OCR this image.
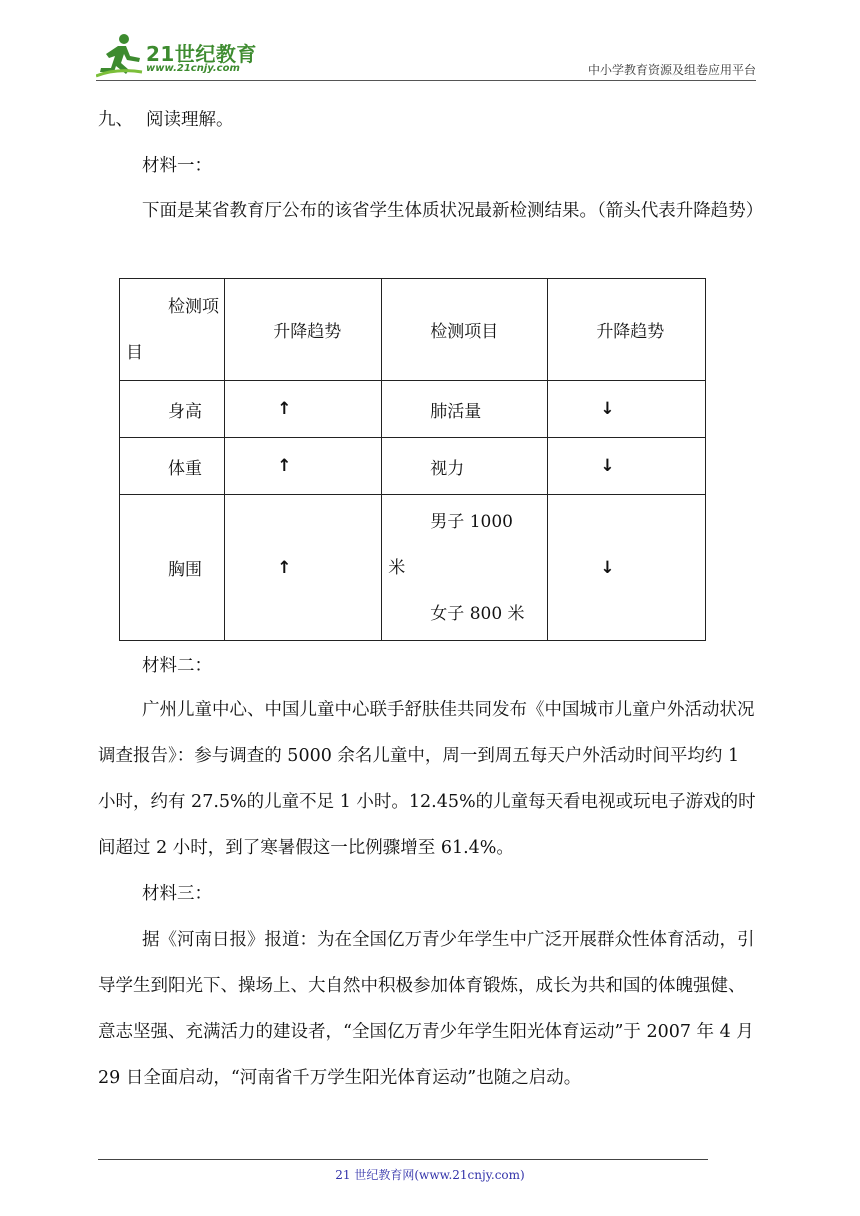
21世纪教育
www.21cnjy.com	中小学教育资源及组卷应用平台

九、 阅读理解。

材料一：

下面是某省教育厅公布的该省学生体质状况最新检测结果。（箭头代表升降趋势）

检测项
目	升降趋势	检测项目	升降趋势
身高	↑	肺活量	↓
体重	↑	视力	↓
胸围	↑	男子 1000
米
女子 800 米	↓

材料二：

广州儿童中心、中国儿童中心联手舒肤佳共同发布《中国城市儿童户外活动状况调查报告》：参与调查的 5000 余名儿童中，周一到周五每天户外活动时间平均约 1 小时，约有 27.5%的儿童不足 1 小时。12.45%的儿童每天看电视或玩电子游戏的时间超过 2 小时，到了寒暑假这一比例骤增至 61.4%。

材料三：

据《河南日报》报道：为在全国亿万青少年学生中广泛开展群众性体育活动，引导学生到阳光下、操场上、大自然中积极参加体育锻炼，成长为共和国的体魄强健、意志坚强、充满活力的建设者，“全国亿万青少年学生阳光体育运动”于 2007 年 4 月 29 日全面启动，“河南省千万学生阳光体育运动”也随之启动。

21 世纪教育网(www.21cnjy.com)
